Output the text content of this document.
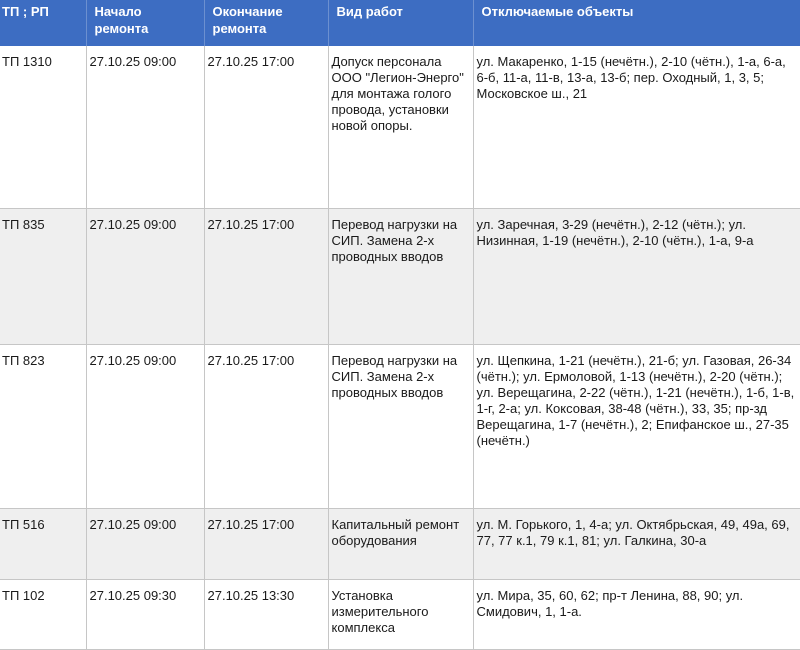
ТП ; РП	Начало ремонта	Окончание ремонта	Вид работ	Отключаемые объекты
ТП 1310	27.10.25 09:00	27.10.25 17:00	Допуск персонала ООО "Легион-Энерго" для монтажа голого провода, установки новой опоры.	ул. Макаренко, 1-15 (нечётн.), 2-10 (чётн.), 1-а, 6-а, 6-б, 11-а, 11-в, 13-а, 13-б; пер. Оходный, 1, 3, 5; Московское ш., 21
ТП 835	27.10.25 09:00	27.10.25 17:00	Перевод нагрузки на СИП. Замена 2-х проводных вводов	ул. Заречная, 3-29 (нечётн.), 2-12 (чётн.); ул. Низинная, 1-19 (нечётн.), 2-10 (чётн.), 1-а, 9-а
ТП 823	27.10.25 09:00	27.10.25 17:00	Перевод нагрузки на СИП. Замена 2-х проводных вводов	ул. Щепкина, 1-21 (нечётн.), 21-б; ул. Газовая, 26-34 (чётн.); ул. Ермоловой, 1-13 (нечётн.), 2-20 (чётн.); ул. Верещагина, 2-22 (чётн.), 1-21 (нечётн.), 1-б, 1-в, 1-г, 2-а; ул. Коксовая, 38-48 (чётн.), 33, 35; пр-зд Верещагина, 1-7 (нечётн.), 2; Епифанское ш., 27-35 (нечётн.)
ТП 516	27.10.25 09:00	27.10.25 17:00	Капитальный ремонт оборудования	ул. М. Горького, 1, 4-а; ул. Октябрьская, 49, 49а, 69, 77, 77 к.1, 79 к.1, 81; ул. Галкина, 30-а
ТП 102	27.10.25 09:30	27.10.25 13:30	Установка измерительного комплекса	ул. Мира, 35, 60, 62; пр-т Ленина, 88, 90; ул. Смидович, 1, 1-а.
